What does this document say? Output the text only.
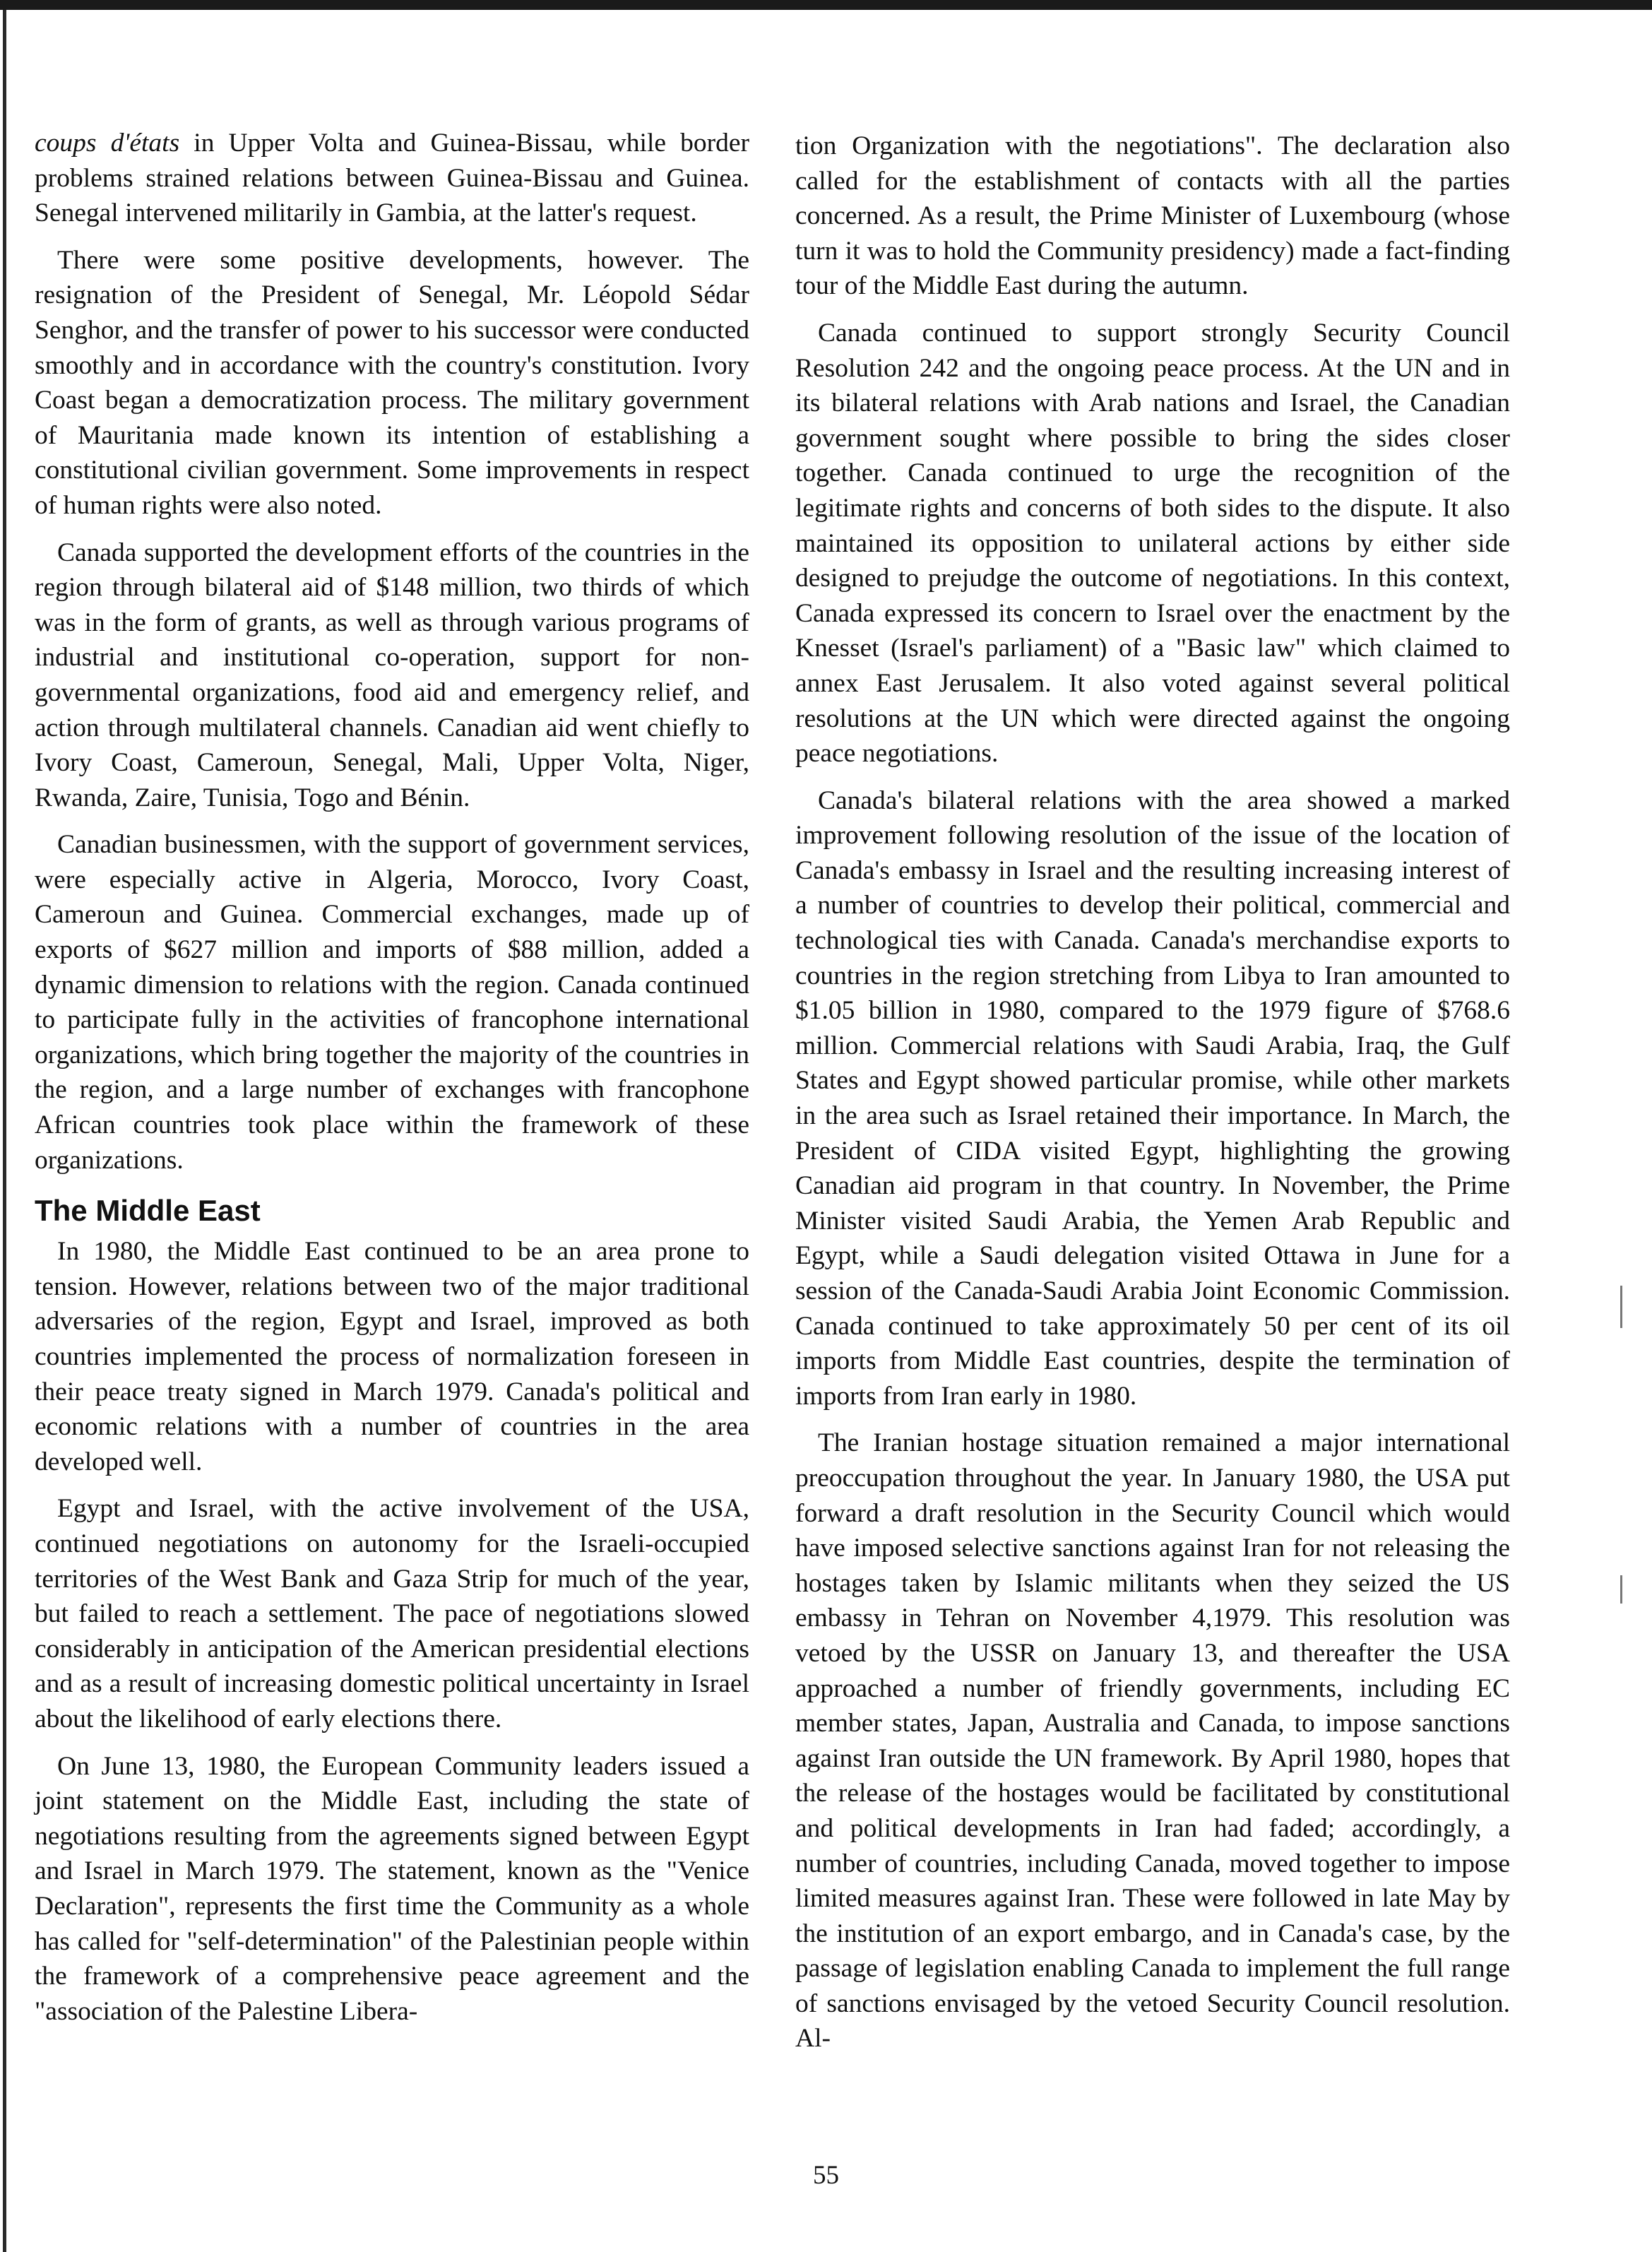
coups d'états in Upper Volta and Guinea-Bissau, while border problems strained relations between Guinea-Bissau and Guinea. Senegal intervened militarily in Gambia, at the latter's request.

There were some positive developments, however. The resignation of the President of Senegal, Mr. Léopold Sédar Senghor, and the transfer of power to his successor were conducted smoothly and in accordance with the country's constitution. Ivory Coast began a democratization process. The military government of Mauritania made known its intention of establishing a constitutional civilian government. Some improvements in respect of human rights were also noted.

Canada supported the development efforts of the countries in the region through bilateral aid of $148 million, two thirds of which was in the form of grants, as well as through various programs of industrial and institutional co-operation, support for non-governmental organizations, food aid and emergency relief, and action through multilateral channels. Canadian aid went chiefly to Ivory Coast, Cameroun, Senegal, Mali, Upper Volta, Niger, Rwanda, Zaire, Tunisia, Togo and Bénin.

Canadian businessmen, with the support of government services, were especially active in Algeria, Morocco, Ivory Coast, Cameroun and Guinea. Commercial exchanges, made up of exports of $627 million and imports of $88 million, added a dynamic dimension to relations with the region. Canada continued to participate fully in the activities of francophone international organizations, which bring together the majority of the countries in the region, and a large number of exchanges with francophone African countries took place within the framework of these organizations.

The Middle East

In 1980, the Middle East continued to be an area prone to tension. However, relations between two of the major traditional adversaries of the region, Egypt and Israel, improved as both countries implemented the process of normalization foreseen in their peace treaty signed in March 1979. Canada's political and economic relations with a number of countries in the area developed well.

Egypt and Israel, with the active involvement of the USA, continued negotiations on autonomy for the Israeli-occupied territories of the West Bank and Gaza Strip for much of the year, but failed to reach a settlement. The pace of negotiations slowed considerably in anticipation of the American presidential elections and as a result of increasing domestic political uncertainty in Israel about the likelihood of early elections there.

On June 13, 1980, the European Community leaders issued a joint statement on the Middle East, including the state of negotiations resulting from the agreements signed between Egypt and Israel in March 1979. The statement, known as the "Venice Declaration", represents the first time the Community as a whole has called for "self-determination" of the Palestinian people within the framework of a comprehensive peace agreement and the "association of the Palestine Libera-

tion Organization with the negotiations". The declaration also called for the establishment of contacts with all the parties concerned. As a result, the Prime Minister of Luxembourg (whose turn it was to hold the Community presidency) made a fact-finding tour of the Middle East during the autumn.

Canada continued to support strongly Security Council Resolution 242 and the ongoing peace process. At the UN and in its bilateral relations with Arab nations and Israel, the Canadian government sought where possible to bring the sides closer together. Canada continued to urge the recognition of the legitimate rights and concerns of both sides to the dispute. It also maintained its opposition to unilateral actions by either side designed to prejudge the outcome of negotiations. In this context, Canada expressed its concern to Israel over the enactment by the Knesset (Israel's parliament) of a "Basic law" which claimed to annex East Jerusalem. It also voted against several political resolutions at the UN which were directed against the ongoing peace negotiations.

Canada's bilateral relations with the area showed a marked improvement following resolution of the issue of the location of Canada's embassy in Israel and the resulting increasing interest of a number of countries to develop their political, commercial and technological ties with Canada. Canada's merchandise exports to countries in the region stretching from Libya to Iran amounted to $1.05 billion in 1980, compared to the 1979 figure of $768.6 million. Commercial relations with Saudi Arabia, Iraq, the Gulf States and Egypt showed particular promise, while other markets in the area such as Israel retained their importance. In March, the President of CIDA visited Egypt, highlighting the growing Canadian aid program in that country. In November, the Prime Minister visited Saudi Arabia, the Yemen Arab Republic and Egypt, while a Saudi delegation visited Ottawa in June for a session of the Canada-Saudi Arabia Joint Economic Commission. Canada continued to take approximately 50 per cent of its oil imports from Middle East countries, despite the termination of imports from Iran early in 1980.

The Iranian hostage situation remained a major international preoccupation throughout the year. In January 1980, the USA put forward a draft resolution in the Security Council which would have imposed selective sanctions against Iran for not releasing the hostages taken by Islamic militants when they seized the US embassy in Tehran on November 4,1979. This resolution was vetoed by the USSR on January 13, and thereafter the USA approached a number of friendly governments, including EC member states, Japan, Australia and Canada, to impose sanctions against Iran outside the UN framework. By April 1980, hopes that the release of the hostages would be facilitated by constitutional and political developments in Iran had faded; accordingly, a number of countries, including Canada, moved together to impose limited measures against Iran. These were followed in late May by the institution of an export embargo, and in Canada's case, by the passage of legislation enabling Canada to implement the full range of sanctions envisaged by the vetoed Security Council resolution. Al-

55
